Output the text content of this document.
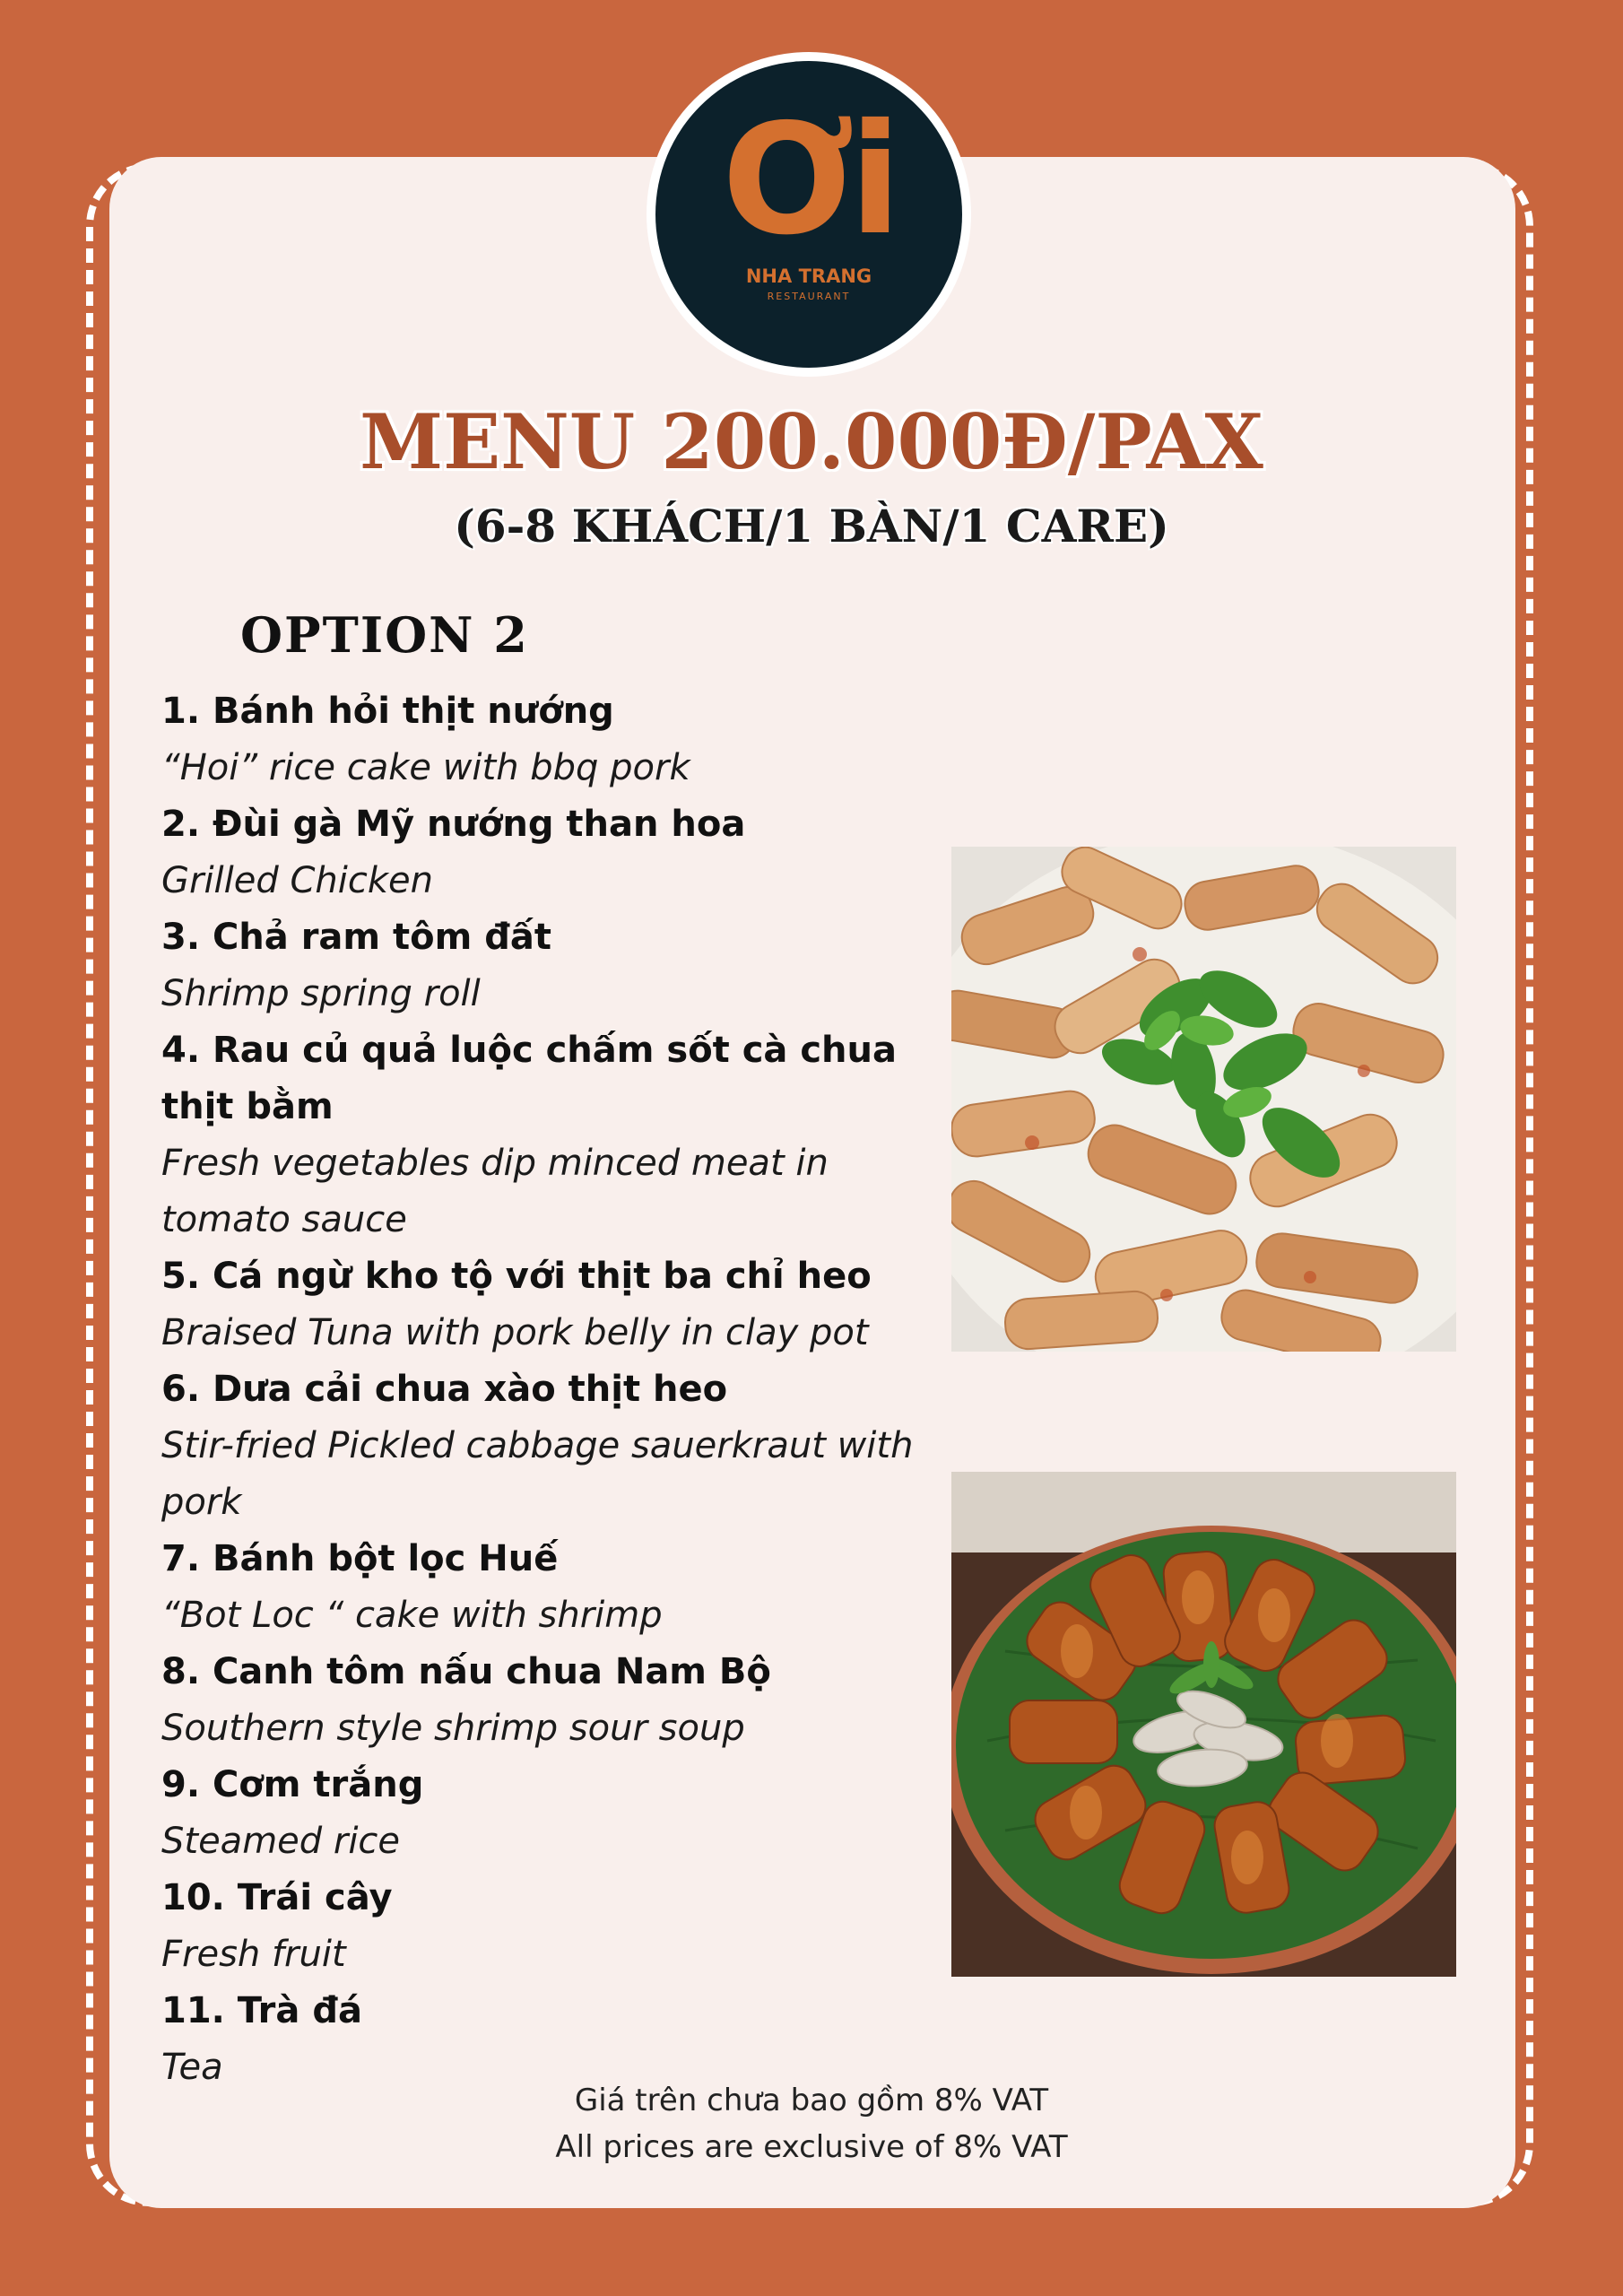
Ơi
NHA TRANG
RESTAURANT
MENU 200.000Đ/PAX
(6-8 KHÁCH/1 BÀN/1 CARE)
OPTION 2
1. Bánh hỏi thịt nướng
“Hoi” rice cake with bbq pork
2. Đùi gà Mỹ nướng than hoa
Grilled Chicken
3. Chả ram tôm đất
Shrimp spring roll
4. Rau củ quả luộc chấm sốt cà chua thịt bằm
Fresh vegetables dip minced meat in tomato sauce
5. Cá ngừ kho tộ với thịt ba chỉ heo
Braised Tuna with pork belly in clay pot
6. Dưa cải chua xào thịt heo
Stir-fried Pickled cabbage sauerkraut with pork
7. Bánh bột lọc Huế
“Bot Loc “ cake with shrimp
8. Canh tôm nấu chua Nam Bộ
Southern style shrimp sour soup
9. Cơm trắng
Steamed rice
10. Trái cây
Fresh fruit
11. Trà đá
Tea
Giá trên chưa bao gồm 8% VAT
All prices are exclusive of 8% VAT
